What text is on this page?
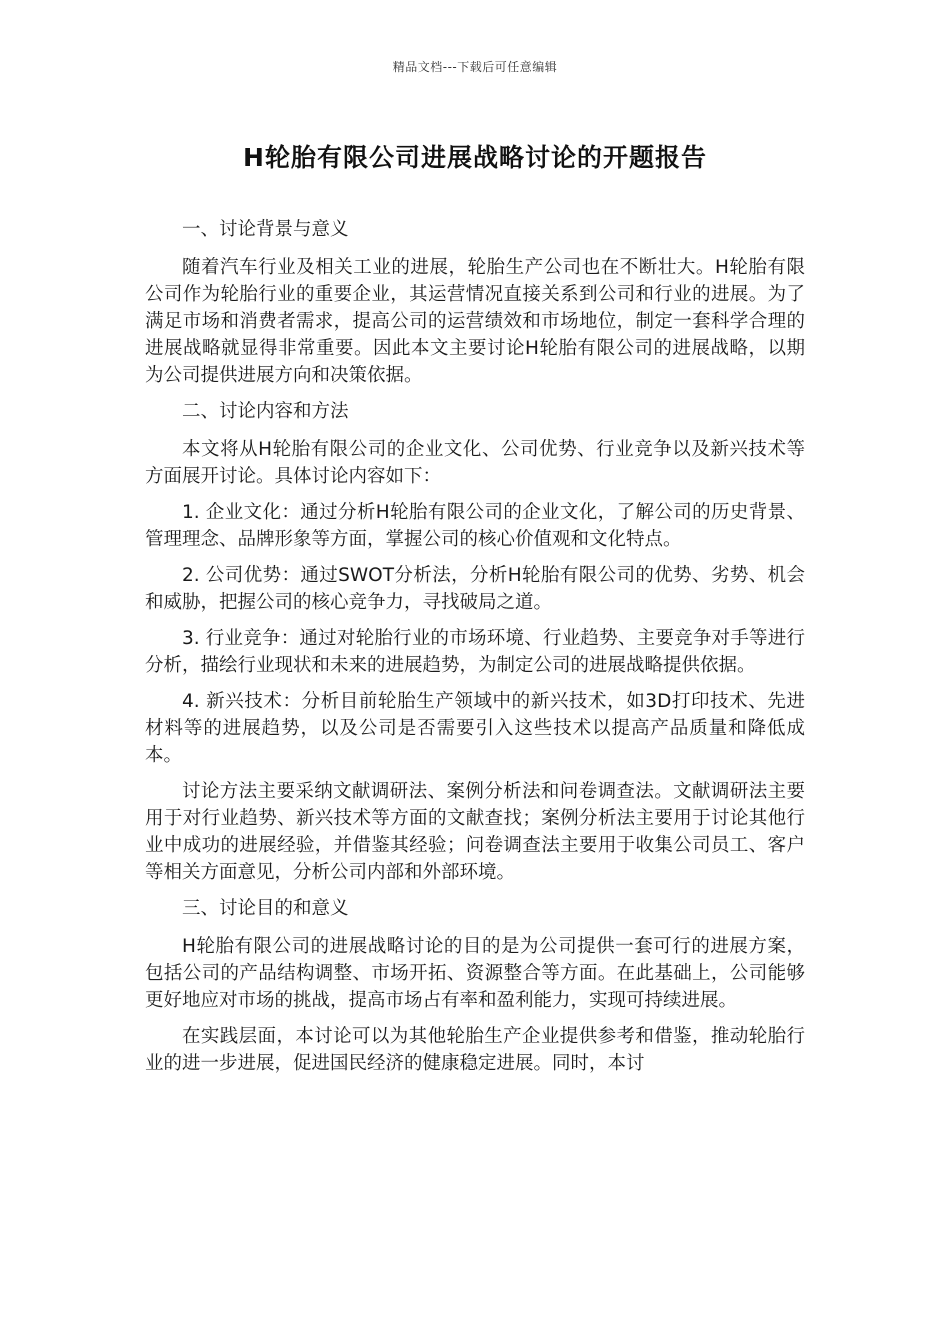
精品文档---下载后可任意编辑
H轮胎有限公司进展战略讨论的开题报告

一、讨论背景与意义

随着汽车行业及相关工业的进展，轮胎生产公司也在不断壮大。H轮胎有限公司作为轮胎行业的重要企业，其运营情况直接关系到公司和行业的进展。为了满足市场和消费者需求，提高公司的运营绩效和市场地位，制定一套科学合理的进展战略就显得非常重要。因此本文主要讨论H轮胎有限公司的进展战略，以期为公司提供进展方向和决策依据。

二、讨论内容和方法

本文将从H轮胎有限公司的企业文化、公司优势、行业竞争以及新兴技术等方面展开讨论。具体讨论内容如下：

1. 企业文化：通过分析H轮胎有限公司的企业文化，了解公司的历史背景、管理理念、品牌形象等方面，掌握公司的核心价值观和文化特点。

2. 公司优势：通过SWOT分析法，分析H轮胎有限公司的优势、劣势、机会和威胁，把握公司的核心竞争力，寻找破局之道。

3. 行业竞争：通过对轮胎行业的市场环境、行业趋势、主要竞争对手等进行分析，描绘行业现状和未来的进展趋势，为制定公司的进展战略提供依据。

4. 新兴技术：分析目前轮胎生产领域中的新兴技术，如3D打印技术、先进材料等的进展趋势，以及公司是否需要引入这些技术以提高产品质量和降低成本。

讨论方法主要采纳文献调研法、案例分析法和问卷调查法。文献调研法主要用于对行业趋势、新兴技术等方面的文献查找；案例分析法主要用于讨论其他行业中成功的进展经验，并借鉴其经验；问卷调查法主要用于收集公司员工、客户等相关方面意见，分析公司内部和外部环境。

三、讨论目的和意义

H轮胎有限公司的进展战略讨论的目的是为公司提供一套可行的进展方案，包括公司的产品结构调整、市场开拓、资源整合等方面。在此基础上，公司能够更好地应对市场的挑战，提高市场占有率和盈利能力，实现可持续进展。

在实践层面，本讨论可以为其他轮胎生产企业提供参考和借鉴，推动轮胎行业的进一步进展，促进国民经济的健康稳定进展。同时，本讨
